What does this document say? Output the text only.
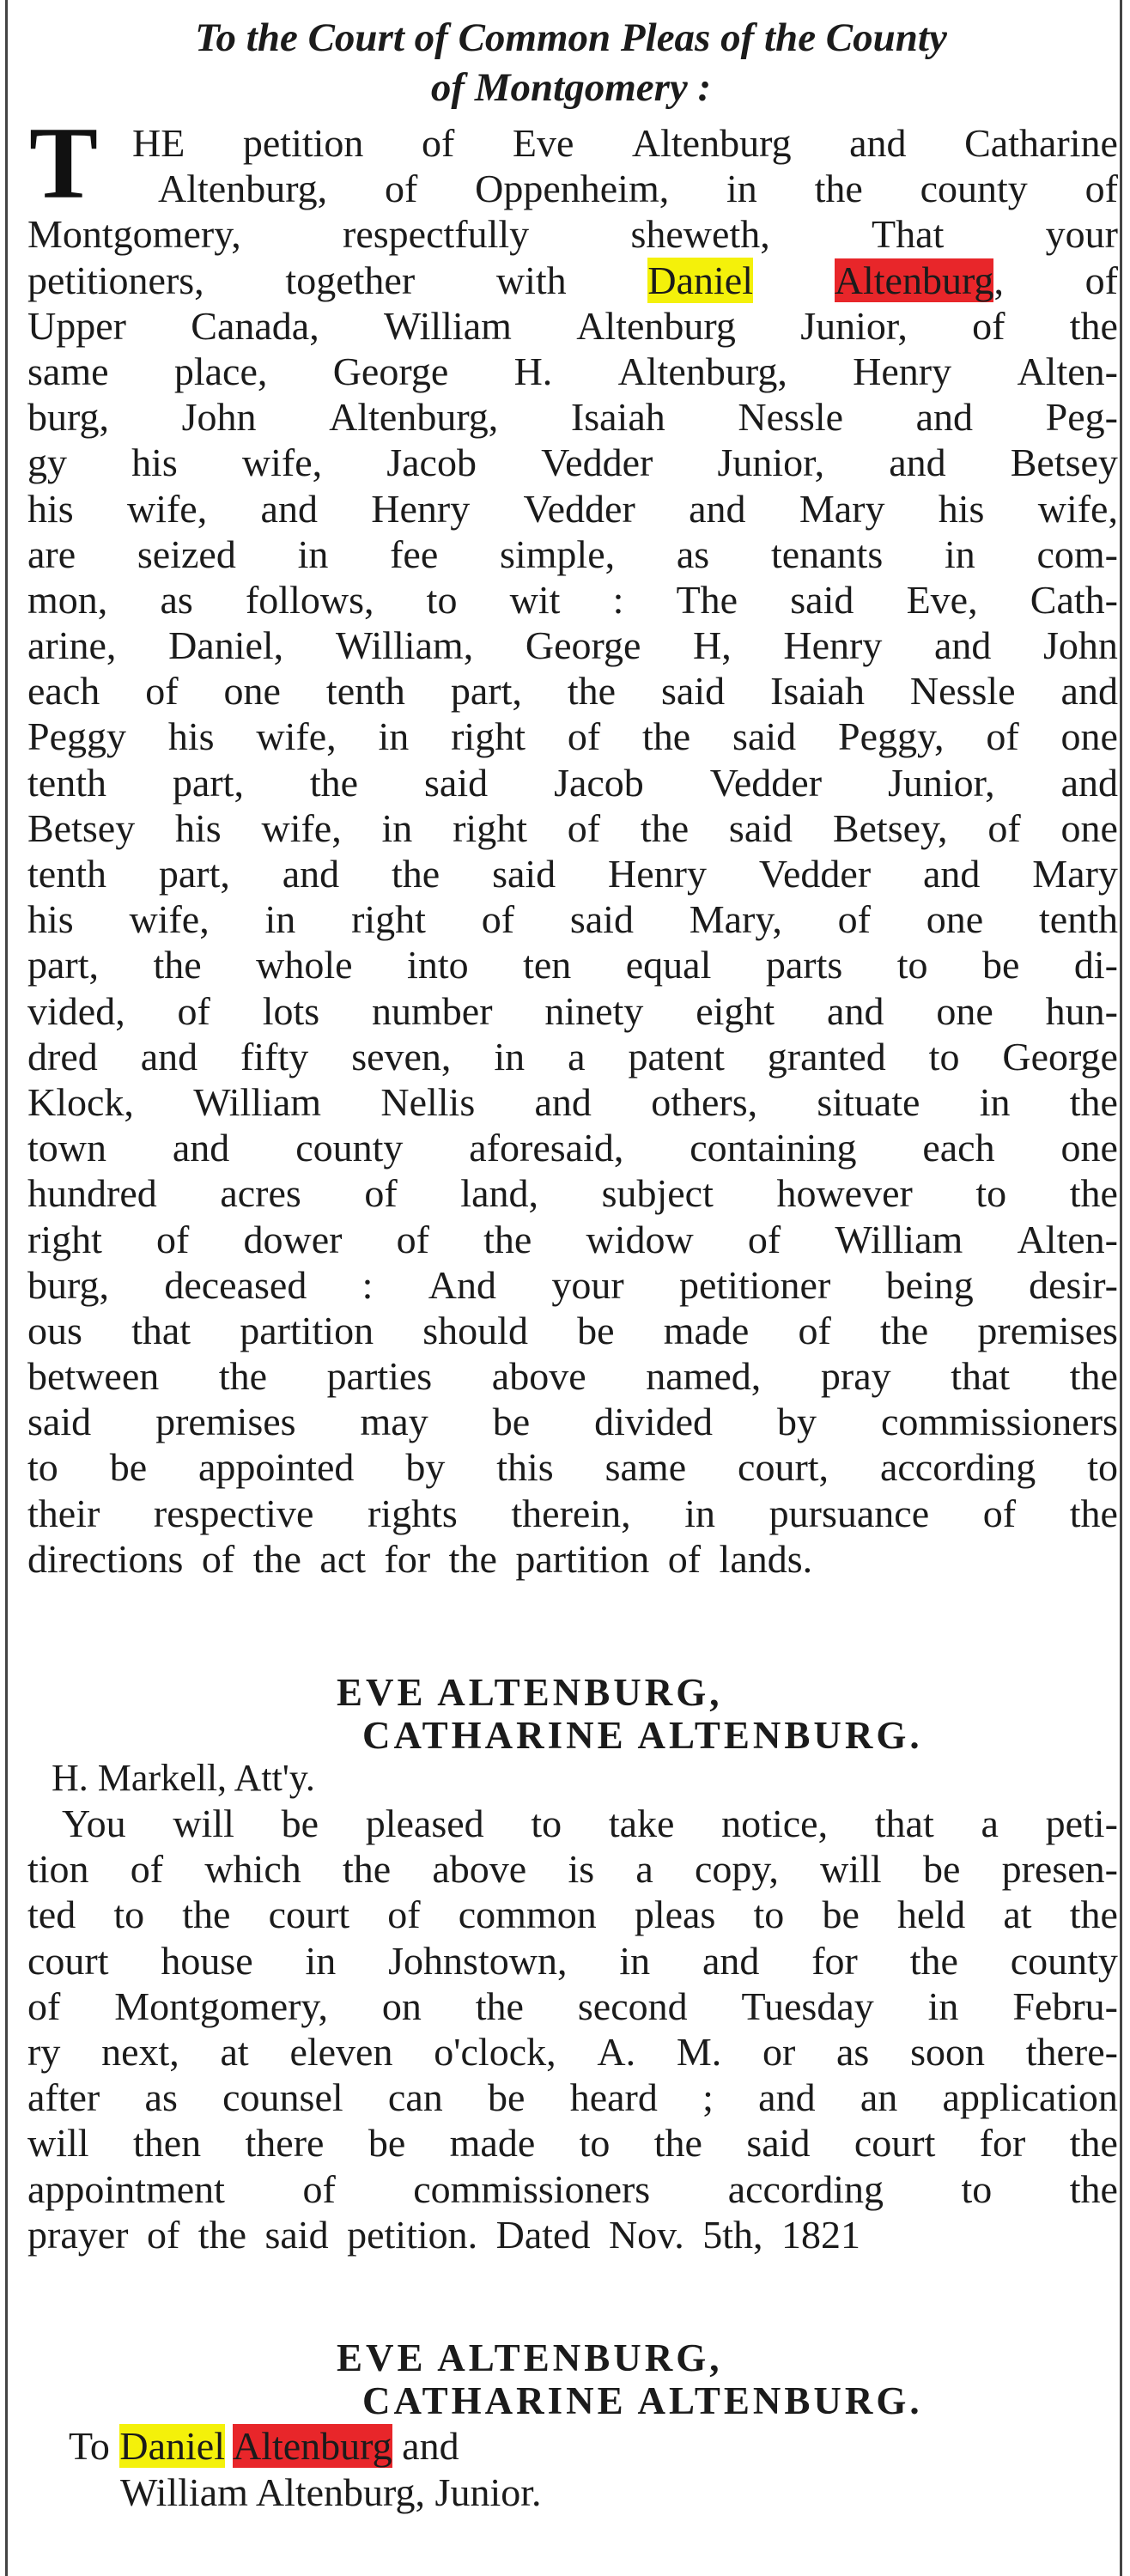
To the Court of Common Pleas of the County
of Montgomery :
T HE petition of Eve Altenburg and Catharine
Altenburg, of Oppenheim, in the county of
Montgomery,	respectfully	sheweth,	That	your
petitioners, together with Daniel Altenburg, of
Upper Canada, William Altenburg Junior, of the
same place, George H. Altenburg, Henry Alten-
burg, John Altenburg, Isaiah Nessle and Peg-
gy his wife, Jacob Vedder Junior, and Betsey
his wife, and Henry Vedder and Mary his wife,
are seized in fee simple, as tenants in com-
mon, as follows, to wit : The said Eve, Cath-
arine, Daniel, William, George H, Henry and John
each of one tenth part, the said Isaiah Nessle and
Peggy his wife, in right of the said Peggy, of one
tenth part, the said Jacob Vedder Junior, and
Betsey his wife, in right of the said Betsey, of one
tenth part, and the said Henry Vedder and Mary
his wife, in right of said Mary, of one tenth
part, the whole into ten equal parts to be di-
vided, of lots number ninety eight and one hun-
dred and fifty seven, in a patent granted to George
Klock, William Nellis and others, situate in the
town and county aforesaid, containing each one
hundred acres of land, subject however to the
right of dower of the widow of William Alten-
burg, deceased : And your petitioner being desir-
ous that partition should be made of the premises
between the parties above named, pray that the
said premises may be divided by commissioners
to be appointed by this same court, according to
their respective rights therein, in pursuance of the
directions of the act for the partition of lands.
EVE ALTENBURG,
CATHARINE ALTENBURG.
H. Markell, Att'y.
You will be pleased to take notice, that a peti-
tion of which the above is a copy, will be presen-
ted to the court of common pleas to be held at the
court house in Johnstown, in and for the county
of Montgomery, on the second Tuesday in Febru-
ry next, at eleven o'clock, A. M. or as soon there-
after as counsel can be heard ; and an application
will then there be made to the said court for the
appointment of commissioners according to the
prayer of the said petition. Dated Nov. 5th, 1821
EVE ALTENBURG,
CATHARINE ALTENBURG.
To Daniel Altenburg and
William Altenburg, Junior.
